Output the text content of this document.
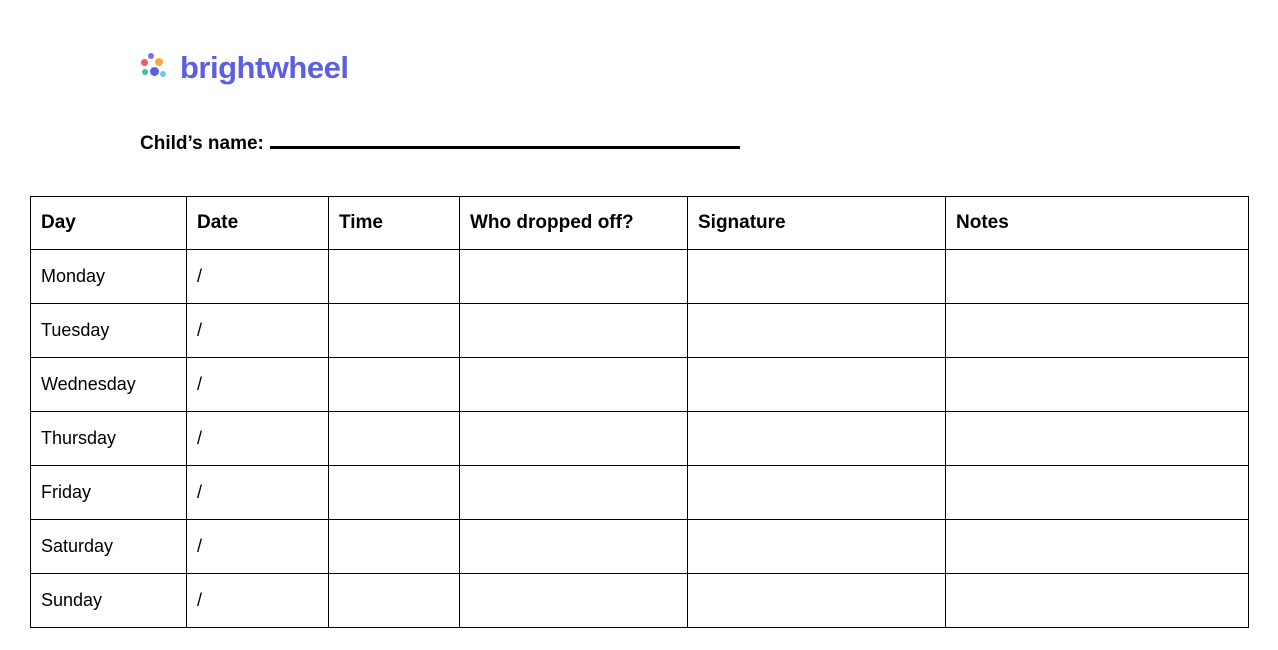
brightwheel
Child’s name:
Day	Date	Time	Who dropped off?	Signature	Notes
Monday	/				
Tuesday	/				
Wednesday	/				
Thursday	/				
Friday	/				
Saturday	/				
Sunday	/				
